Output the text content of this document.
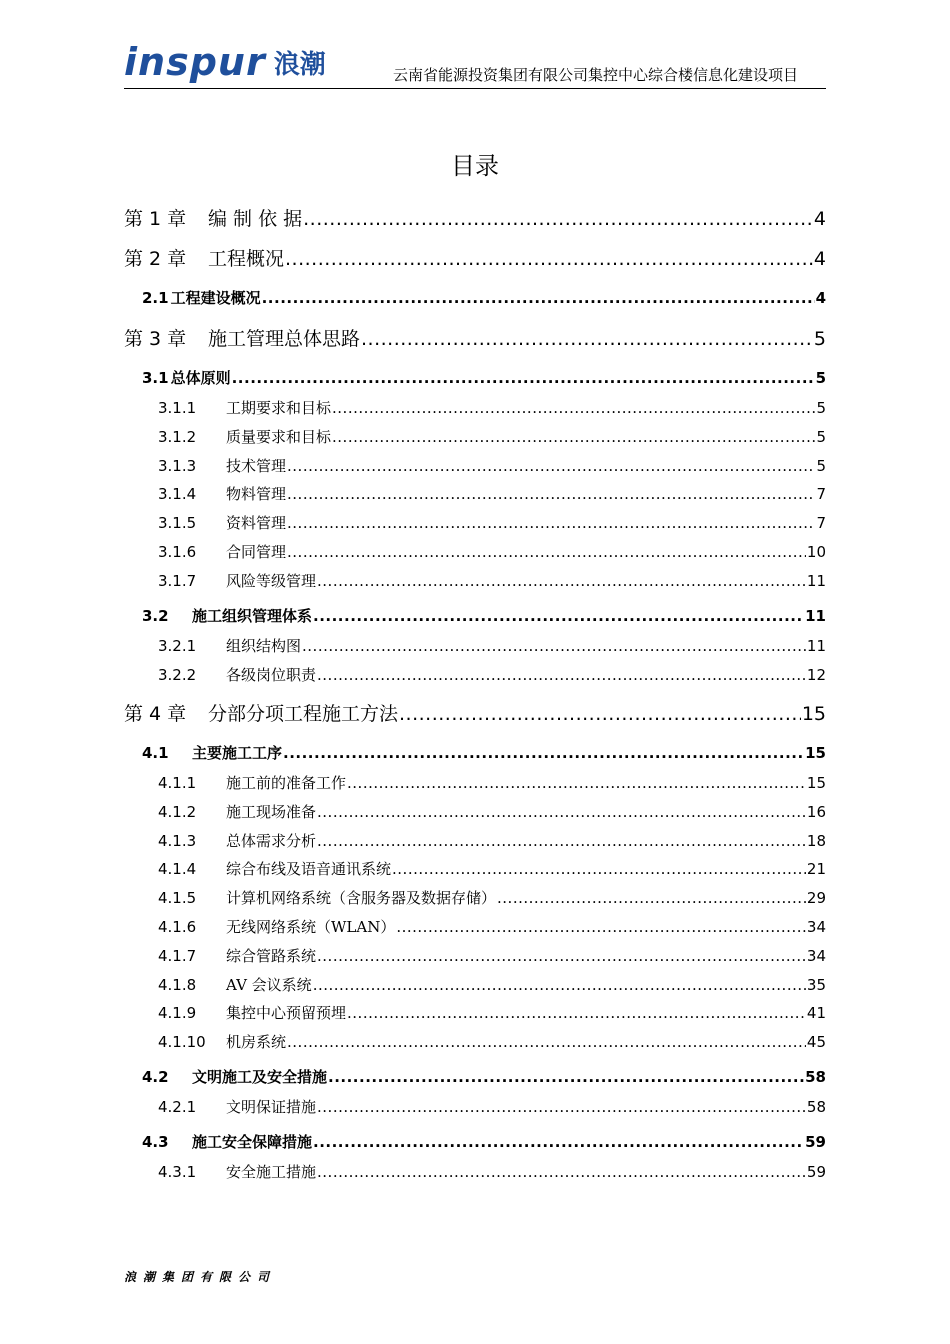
inspur 浪潮	云南省能源投资集团有限公司集控中心综合楼信息化建设项目
目录
第 1 章	编 制 依 据 .....	4
第 2 章	工程概况 .....	4
2.1 工程建设概况 .....	4
第 3 章	施工管理总体思路 .....	5
3.1 总体原则 .....	5
3.1.1	工期要求和目标 .....	5
3.1.2	质量要求和目标 .....	5
3.1.3	技术管理 .....	5
3.1.4	物料管理 .....	7
3.1.5	资料管理 .....	7
3.1.6	合同管理 .....	10
3.1.7	风险等级管理 .....	11
3.2	施工组织管理体系 .....	11
3.2.1	组织结构图 .....	11
3.2.2	各级岗位职责 .....	12
第 4 章	分部分项工程施工方法 .....	15
4.1	主要施工工序 .....	15
4.1.1	施工前的准备工作 .....	15
4.1.2	施工现场准备 .....	16
4.1.3	总体需求分析 .....	18
4.1.4	综合布线及语音通讯系统 .....	21
4.1.5	计算机网络系统（含服务器及数据存储） .....	29
4.1.6	无线网络系统（WLAN） .....	34
4.1.7	综合管路系统 .....	34
4.1.8	AV 会议系统 .....	35
4.1.9	集控中心预留预埋 .....	41
4.1.10	机房系统 .....	45
4.2	文明施工及安全措施 .....	58
4.2.1	文明保证措施 .....	58
4.3	施工安全保障措施 .....	59
4.3.1	安全施工措施 .....	59
浪潮集团有限公司
